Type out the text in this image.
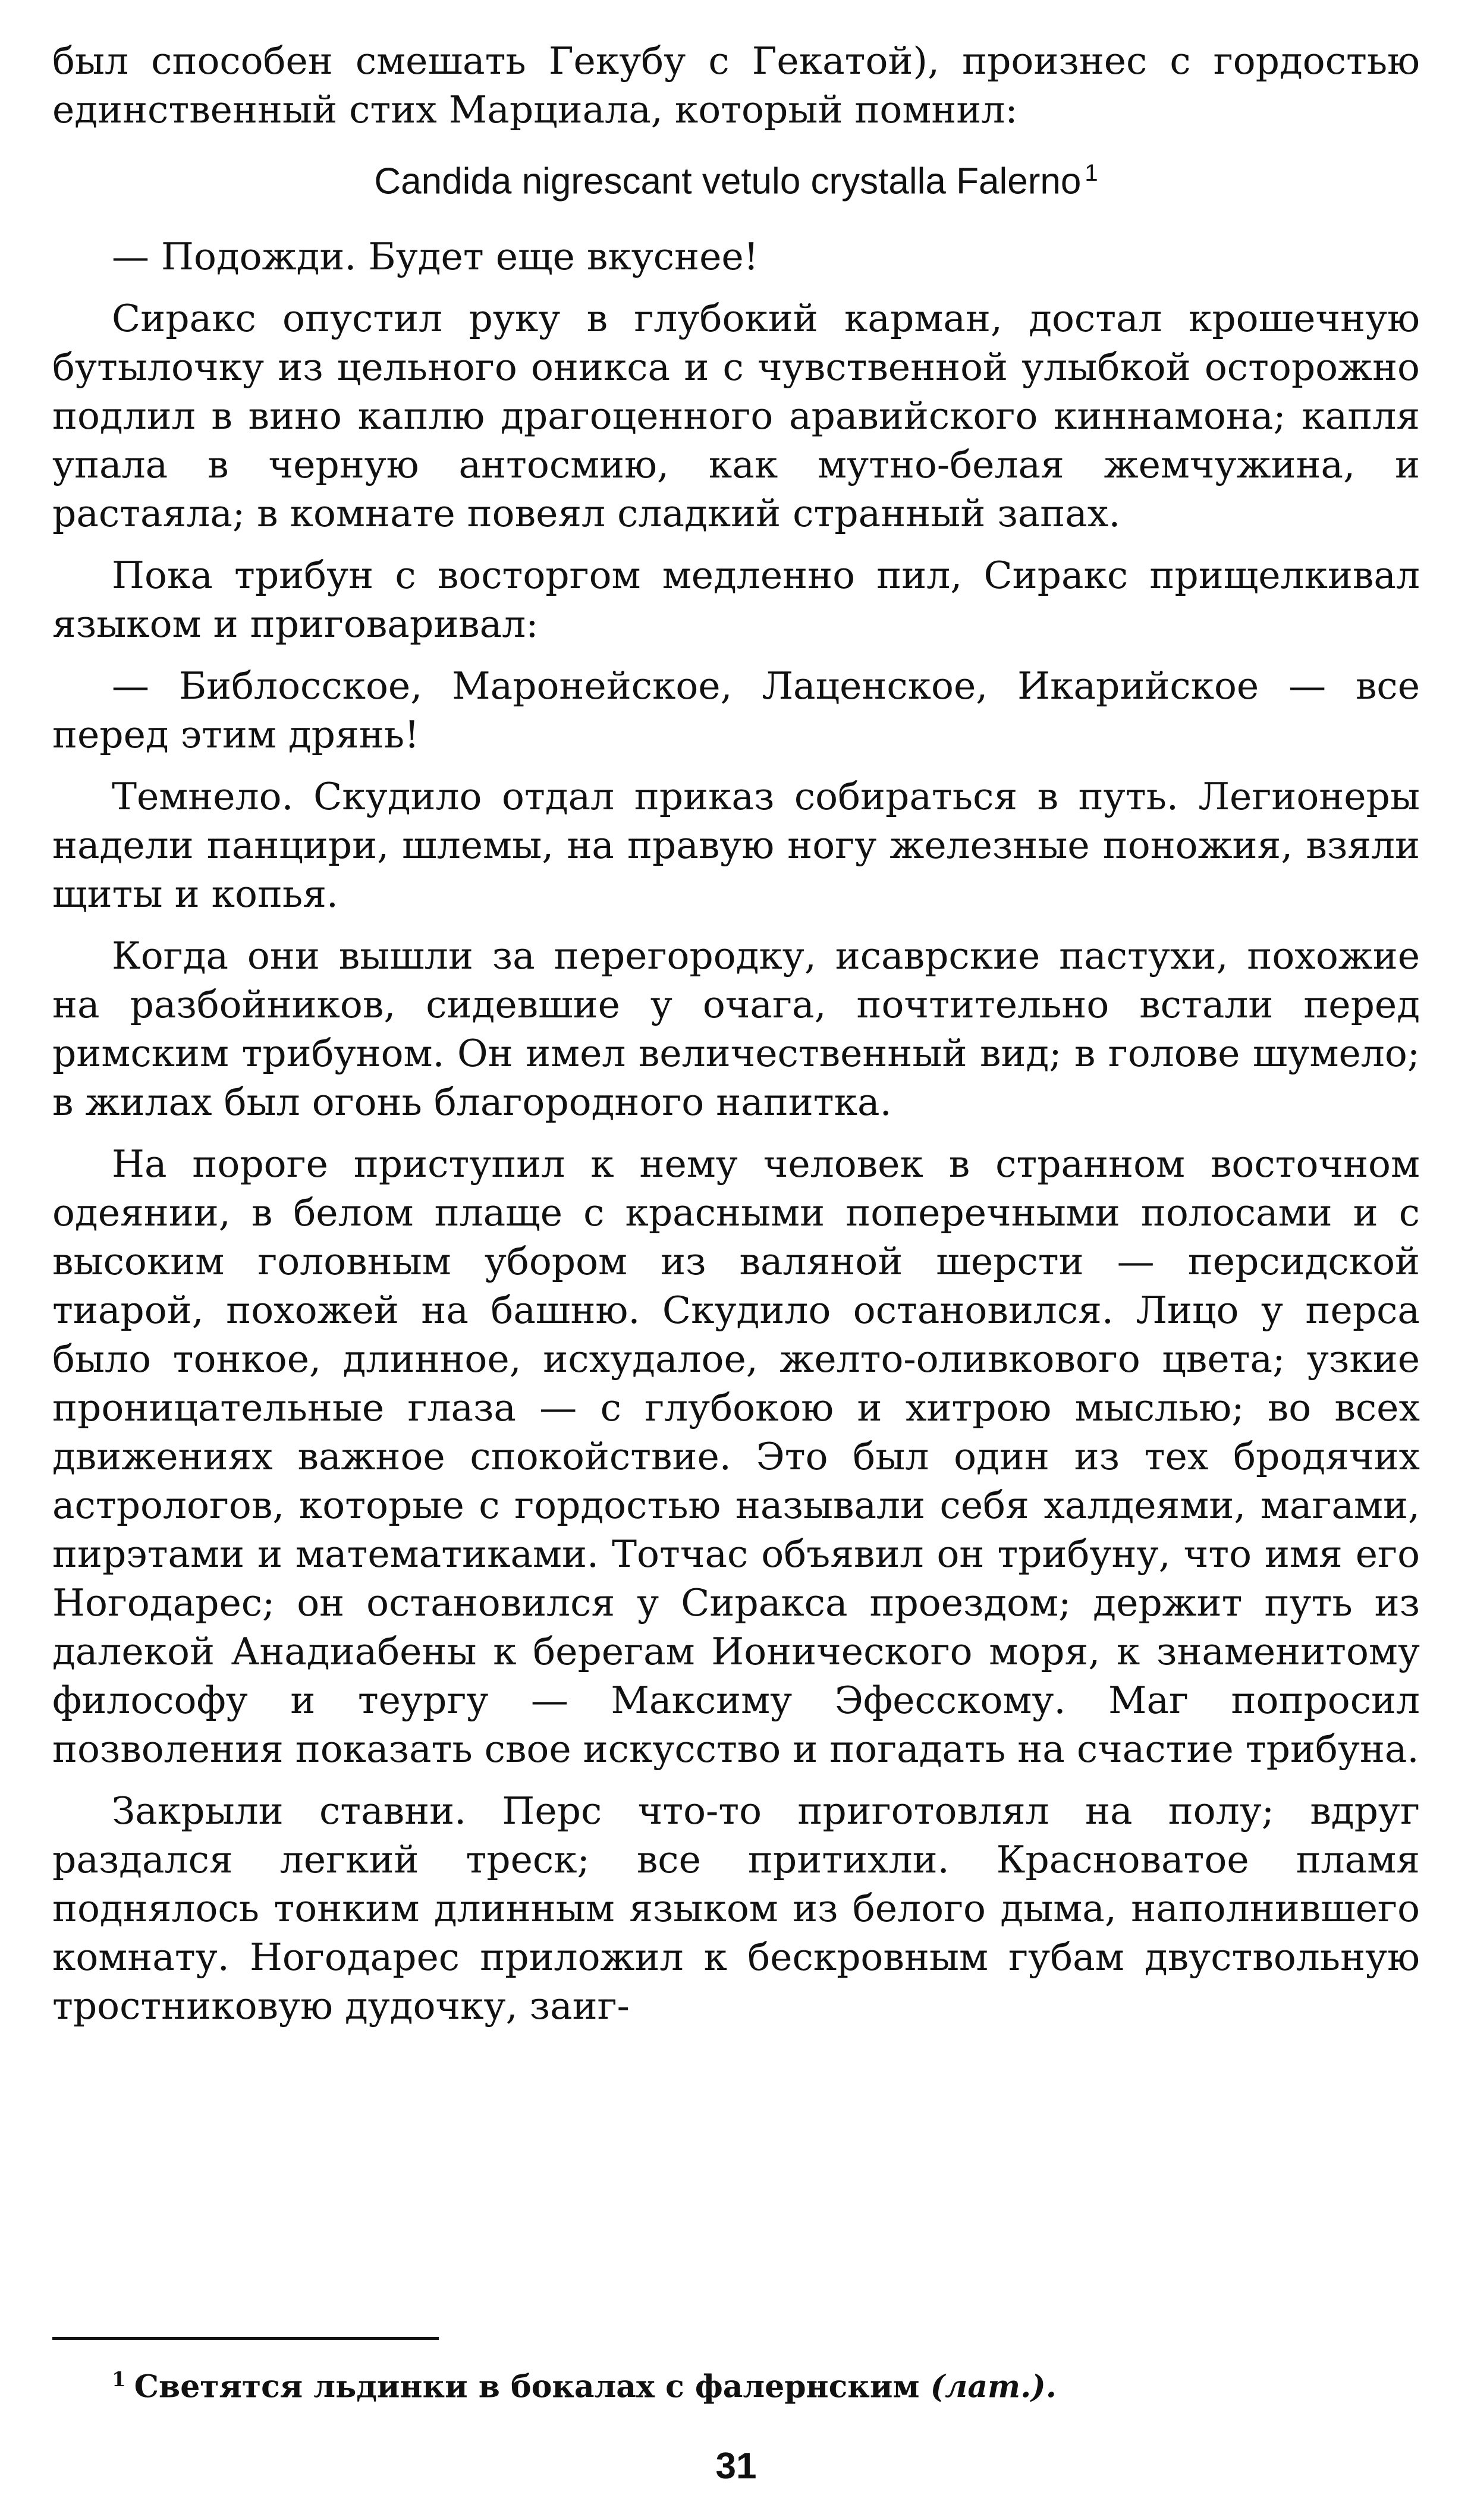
был способен смешать Гекубу с Гекатой), произнес с гордостью единственный стих Марциала, который помнил:

Candida nigrescant vetulo crystalla Falerno $^1$

— Подожди. Будет еще вкуснее!

Сиракс опустил руку в глубокий карман, достал крошечную бутылочку из цельного оникса и с чувственной улыбкой осторожно подлил в вино каплю драгоценного аравийского киннамона; капля упала в черную антосмию, как мутно-белая жемчужина, и растаяла; в комнате повеял сладкий странный запах.

Пока трибун с восторгом медленно пил, Сиракс прищелкивал языком и приговаривал:

— Библосское, Маронейское, Лаценское, Икарийское — все перед этим дрянь!

Темнело. Скудило отдал приказ собираться в путь. Легионеры надели панцири, шлемы, на правую ногу железные поножия, взяли щиты и копья.

Когда они вышли за перегородку, исаврские пастухи, похожие на разбойников, сидевшие у очага, почтительно встали перед римским трибуном. Он имел величественный вид; в голове шумело; в жилах был огонь благородного напитка.

На пороге приступил к нему человек в странном восточном одеянии, в белом плаще с красными поперечными полосами и с высоким головным убором из валяной шерсти — персидской тиарой, похожей на башню. Скудило остановился. Лицо у перса было тонкое, длинное, исхудалое, желто-оливкового цвета; узкие проницательные глаза — с глубокою и хитрою мыслью; во всех движениях важное спокойствие. Это был один из тех бродячих астрологов, которые с гордостью называли себя халдеями, магами, пирэтами и математиками. Тотчас объявил он трибуну, что имя его Ногодарес; он остановился у Сиракса проездом; держит путь из далекой Анадиабены к берегам Ионического моря, к знаменитому философу и теургу — Максиму Эфесскому. Маг попросил позволения показать свое искусство и погадать на счастие трибуна.

Закрыли ставни. Перс что-то приготовлял на полу; вдруг раздался легкий треск; все притихли. Красноватое пламя поднялось тонким длинным языком из белого дыма, наполнившего комнату. Ногодарес приложил к бескровным губам двуствольную тростниковую дудочку, заиг-

$^1$ Светятся льдинки в бокалах с фалернским (лат.).
31
